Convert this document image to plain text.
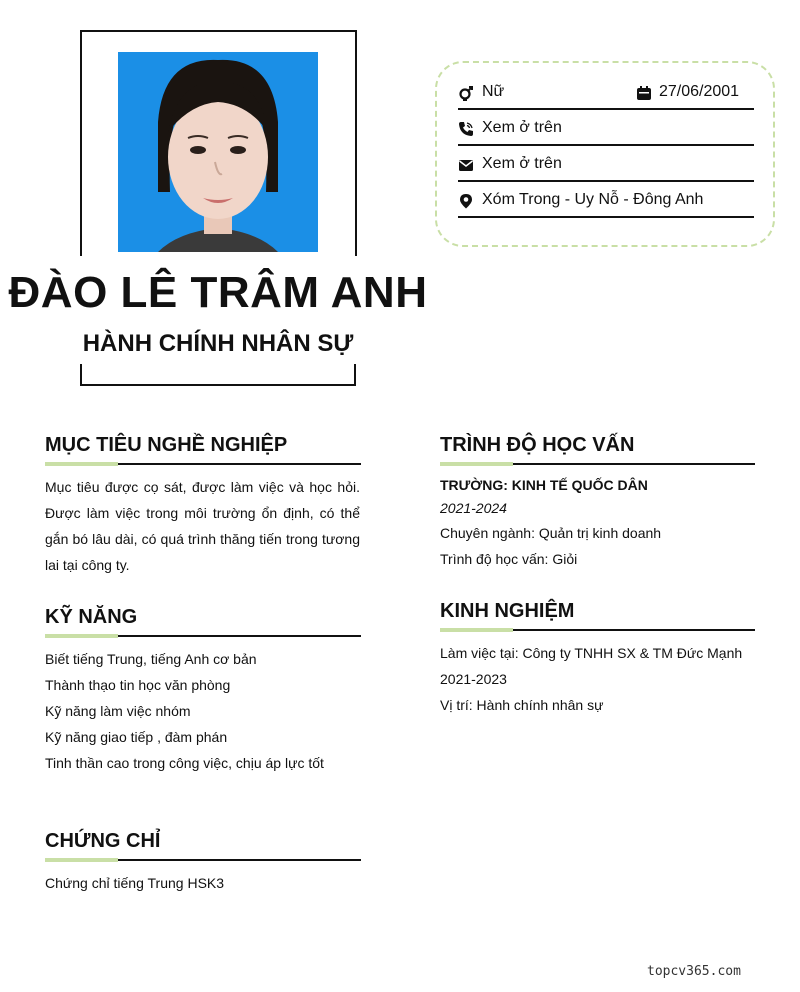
ĐÀO LÊ TRÂM ANH
HÀNH CHÍNH NHÂN SỰ
Nữ	27/06/2001
Xem ở trên
Xem ở trên
Xóm Trong - Uy Nỗ - Đông Anh
MỤC TIÊU NGHỀ NGHIỆP
Mục tiêu được cọ sát, được làm việc và học hỏi. Được làm việc trong môi trường ổn định, có thể gắn bó lâu dài, có quá trình thăng tiến trong tương lai tại công ty.
KỸ NĂNG
Biết tiếng Trung, tiếng Anh cơ bản
Thành thạo tin học văn phòng
Kỹ năng làm việc nhóm
Kỹ năng giao tiếp , đàm phán
Tinh thần cao trong công việc, chịu áp lực tốt
CHỨNG CHỈ
Chứng chỉ tiếng Trung HSK3
TRÌNH ĐỘ HỌC VẤN
TRƯỜNG: KINH TẾ QUỐC DÂN
2021-2024
Chuyên ngành: Quản trị kinh doanh
Trình độ học vấn: Giỏi
KINH NGHIỆM
Làm việc tại: Công ty TNHH SX & TM Đức Mạnh
2021-2023
Vị trí: Hành chính nhân sự
topcv365.com
